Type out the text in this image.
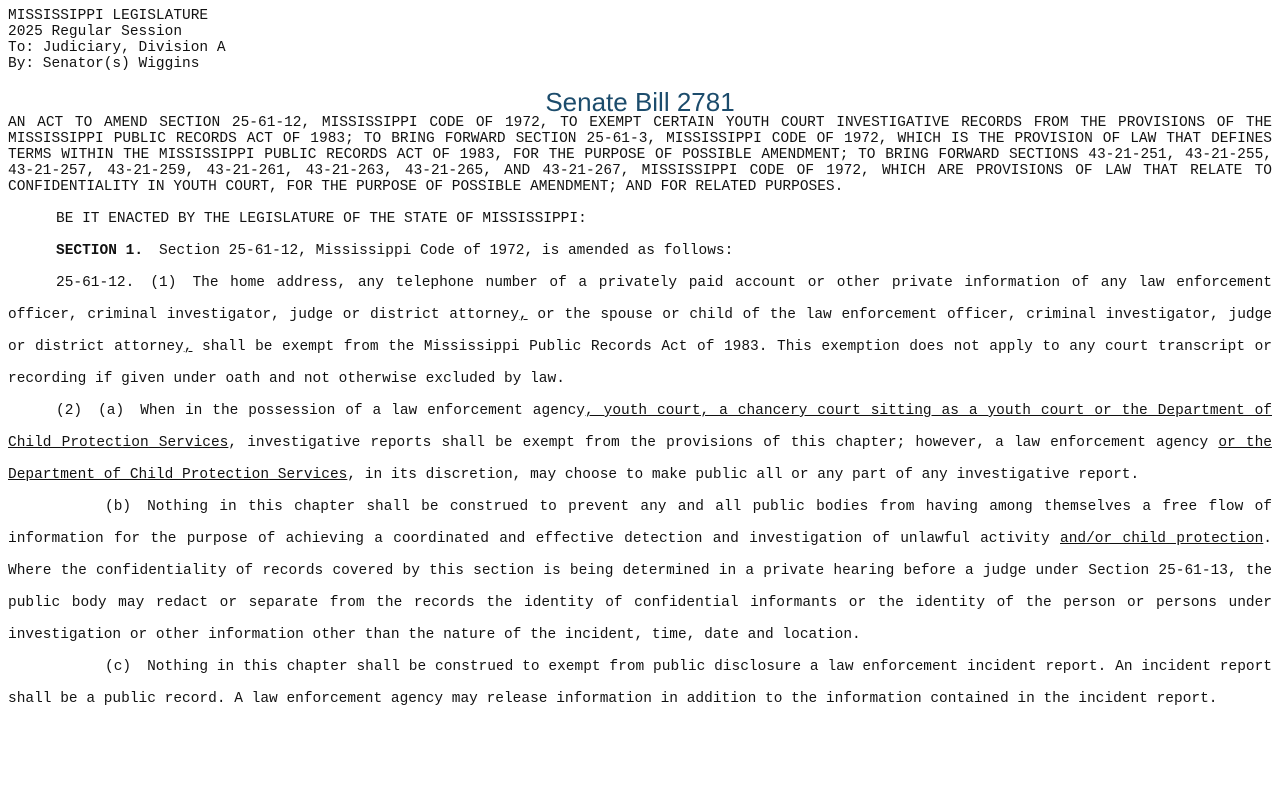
MISSISSIPPI LEGISLATURE
2025 Regular Session
To: Judiciary, Division A
By: Senator(s) Wiggins
Senate Bill 2781

AN ACT TO AMEND SECTION 25-61-12, MISSISSIPPI CODE OF 1972, TO EXEMPT CERTAIN YOUTH COURT INVESTIGATIVE RECORDS FROM THE PROVISIONS OF THE MISSISSIPPI PUBLIC RECORDS ACT OF 1983; TO BRING FORWARD SECTION 25-61-3, MISSISSIPPI CODE OF 1972, WHICH IS THE PROVISION OF LAW THAT DEFINES TERMS WITHIN THE MISSISSIPPI PUBLIC RECORDS ACT OF 1983, FOR THE PURPOSE OF POSSIBLE AMENDMENT; TO BRING FORWARD SECTIONS 43-21-251, 43-21-255, 43-21-257, 43-21-259, 43-21-261, 43-21-263, 43-21-265, AND 43-21-267, MISSISSIPPI CODE OF 1972, WHICH ARE PROVISIONS OF LAW THAT RELATE TO CONFIDENTIALITY IN YOUTH COURT, FOR THE PURPOSE OF POSSIBLE AMENDMENT; AND FOR RELATED PURPOSES.

BE IT ENACTED BY THE LEGISLATURE OF THE STATE OF MISSISSIPPI:

SECTION 1. Section 25-61-12, Mississippi Code of 1972, is amended as follows:

25-61-12. (1) The home address, any telephone number of a privately paid account or other private information of any law enforcement officer, criminal investigator, judge or district attorney, or the spouse or child of the law enforcement officer, criminal investigator, judge or district attorney, shall be exempt from the Mississippi Public Records Act of 1983. This exemption does not apply to any court transcript or recording if given under oath and not otherwise excluded by law.

(2) (a) When in the possession of a law enforcement agency, youth court, a chancery court sitting as a youth court or the Department of Child Protection Services, investigative reports shall be exempt from the provisions of this chapter; however, a law enforcement agency or the Department of Child Protection Services, in its discretion, may choose to make public all or any part of any investigative report.

(b) Nothing in this chapter shall be construed to prevent any and all public bodies from having among themselves a free flow of information for the purpose of achieving a coordinated and effective detection and investigation of unlawful activity and/or child protection. Where the confidentiality of records covered by this section is being determined in a private hearing before a judge under Section 25-61-13, the public body may redact or separate from the records the identity of confidential informants or the identity of the person or persons under investigation or other information other than the nature of the incident, time, date and location.

(c) Nothing in this chapter shall be construed to exempt from public disclosure a law enforcement incident report. An incident report shall be a public record. A law enforcement agency may release information in addition to the information contained in the incident report.
